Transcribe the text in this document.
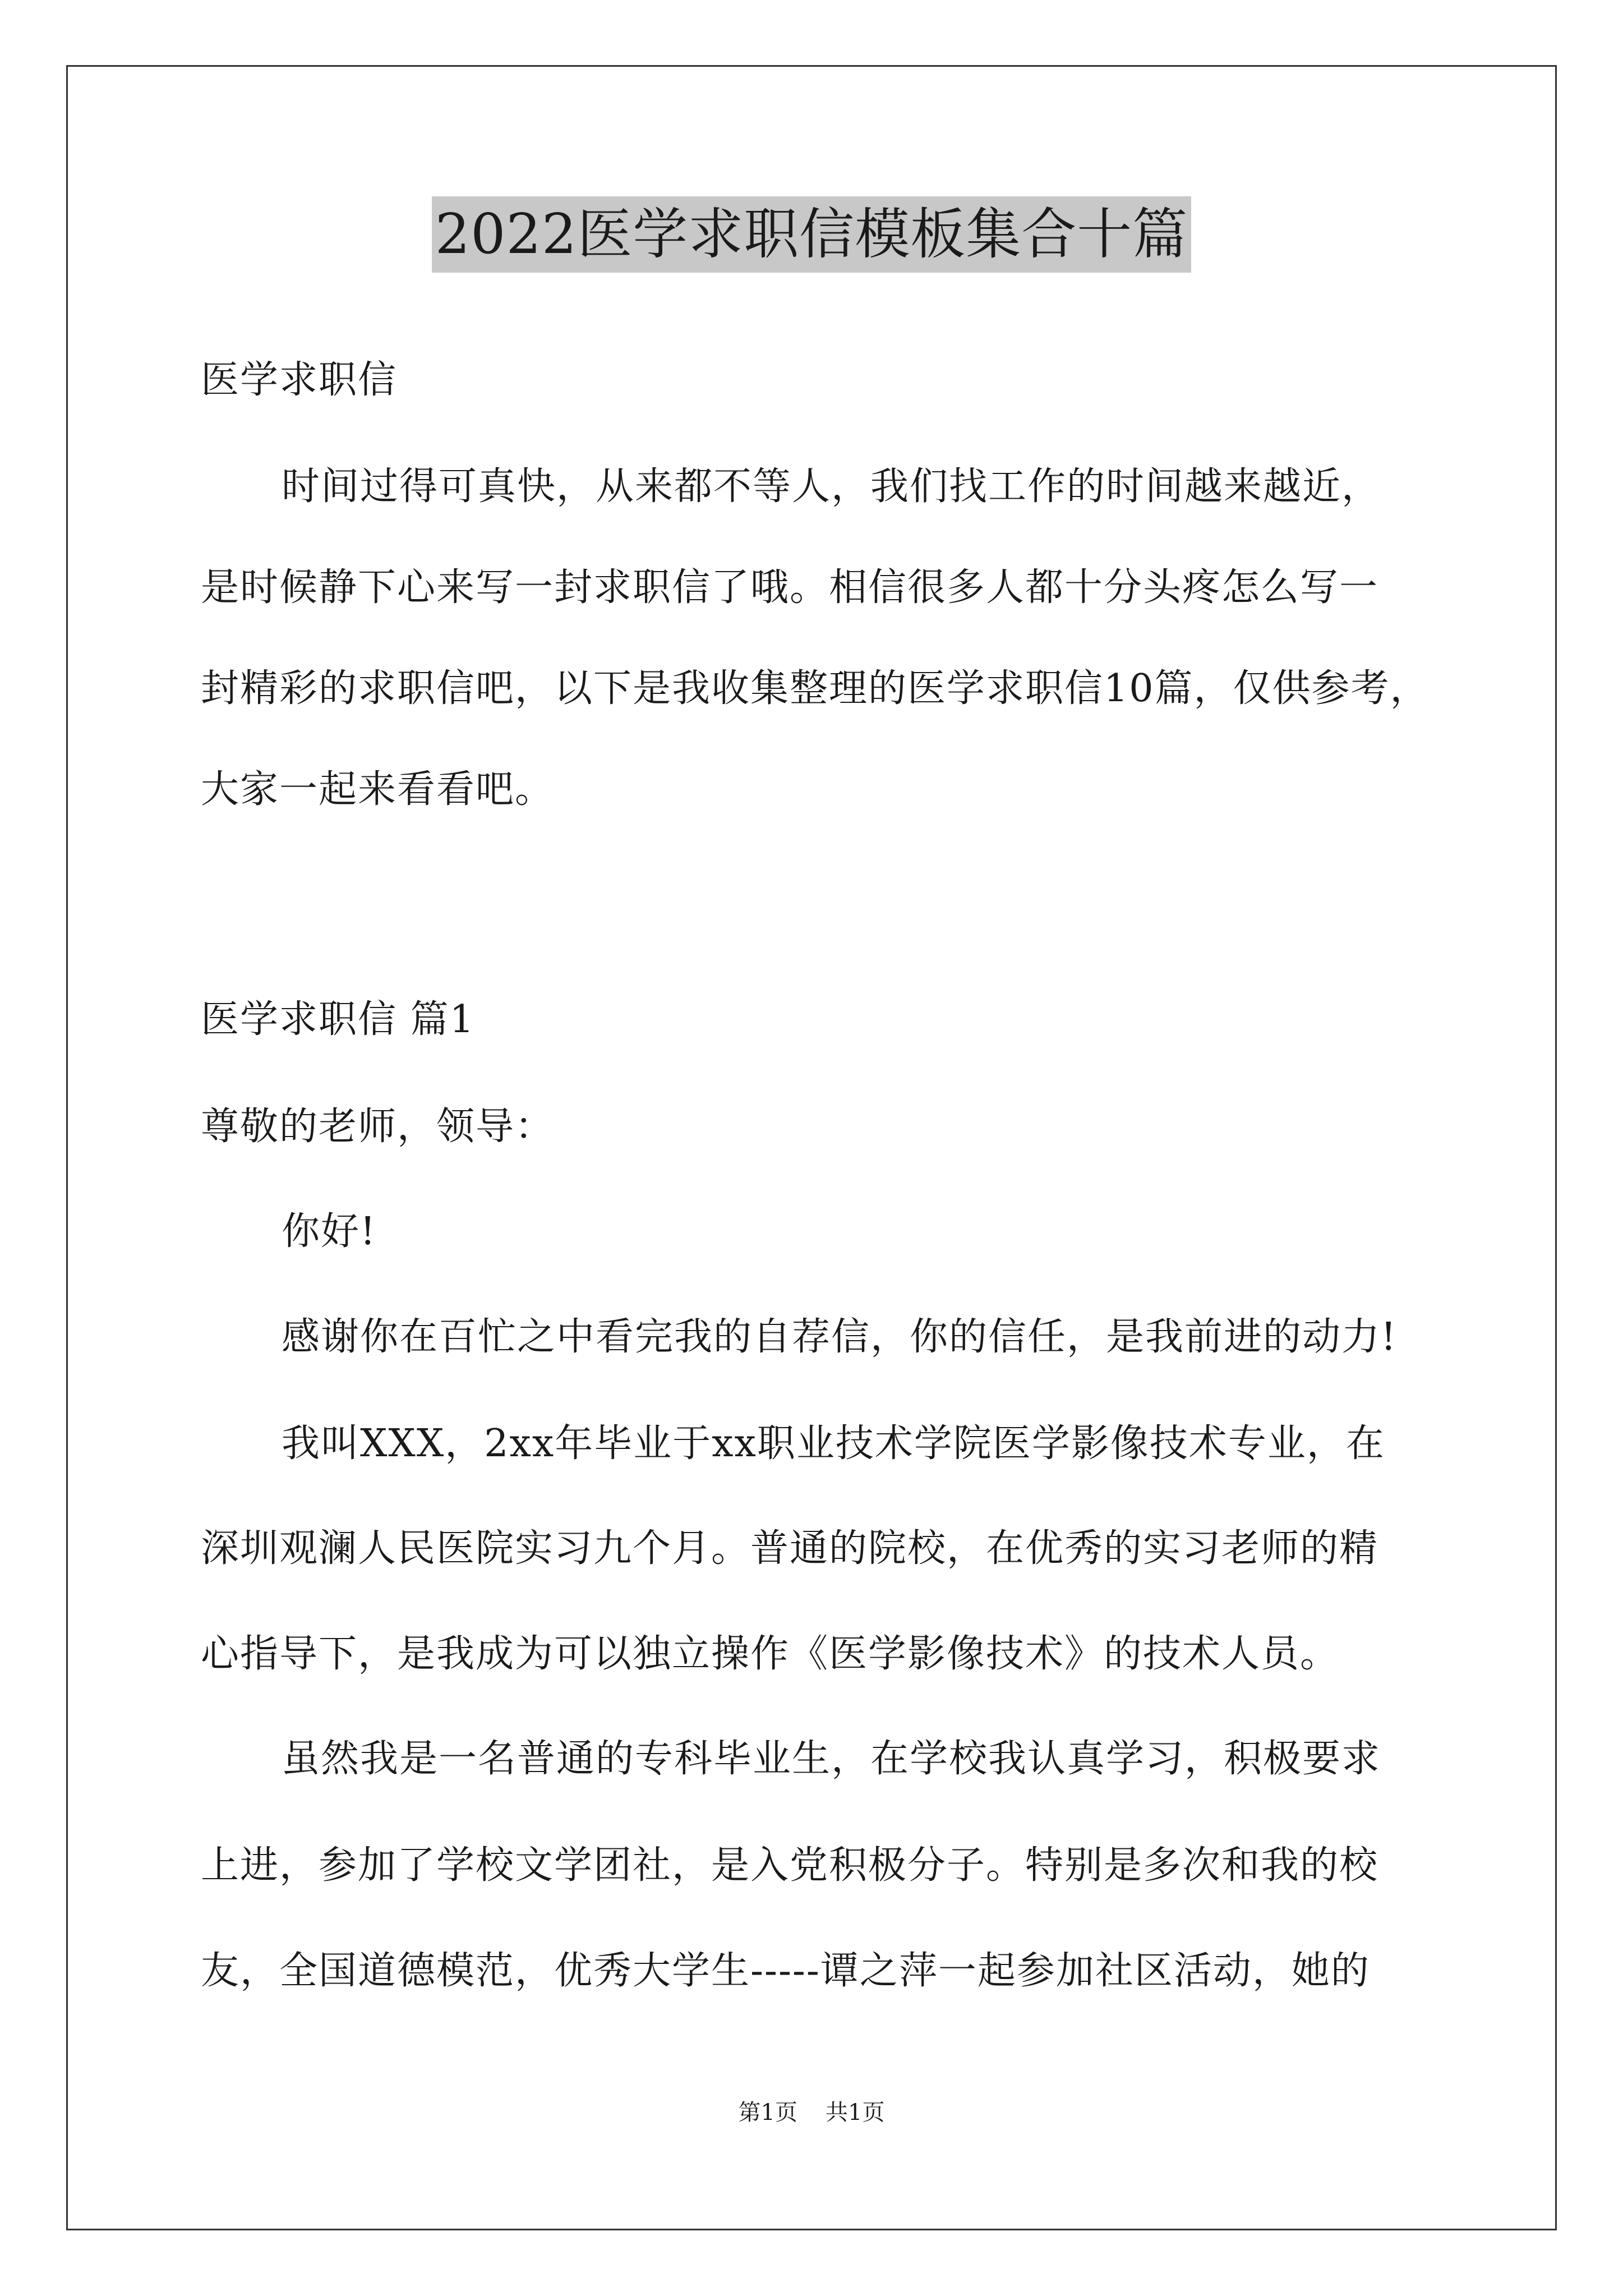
2022医学求职信模板集合十篇
医学求职信
时间过得可真快，从来都不等人，我们找工作的时间越来越近，
是时候静下心来写一封求职信了哦。相信很多人都十分头疼怎么写一
封精彩的求职信吧，以下是我收集整理的医学求职信10篇，仅供参考，
大家一起来看看吧。
医学求职信 篇1
尊敬的老师，领导：
你好!
感谢你在百忙之中看完我的自荐信，你的信任，是我前进的动力!
我叫XXX，2xx年毕业于xx职业技术学院医学影像技术专业，在
深圳观澜人民医院实习九个月。普通的院校，在优秀的实习老师的精
心指导下，是我成为可以独立操作《医学影像技术》的技术人员。
虽然我是一名普通的专科毕业生，在学校我认真学习，积极要求
上进，参加了学校文学团社，是入党积极分子。特别是多次和我的校
友，全国道德模范，优秀大学生-----谭之萍一起参加社区活动，她的
第1页 共1页
